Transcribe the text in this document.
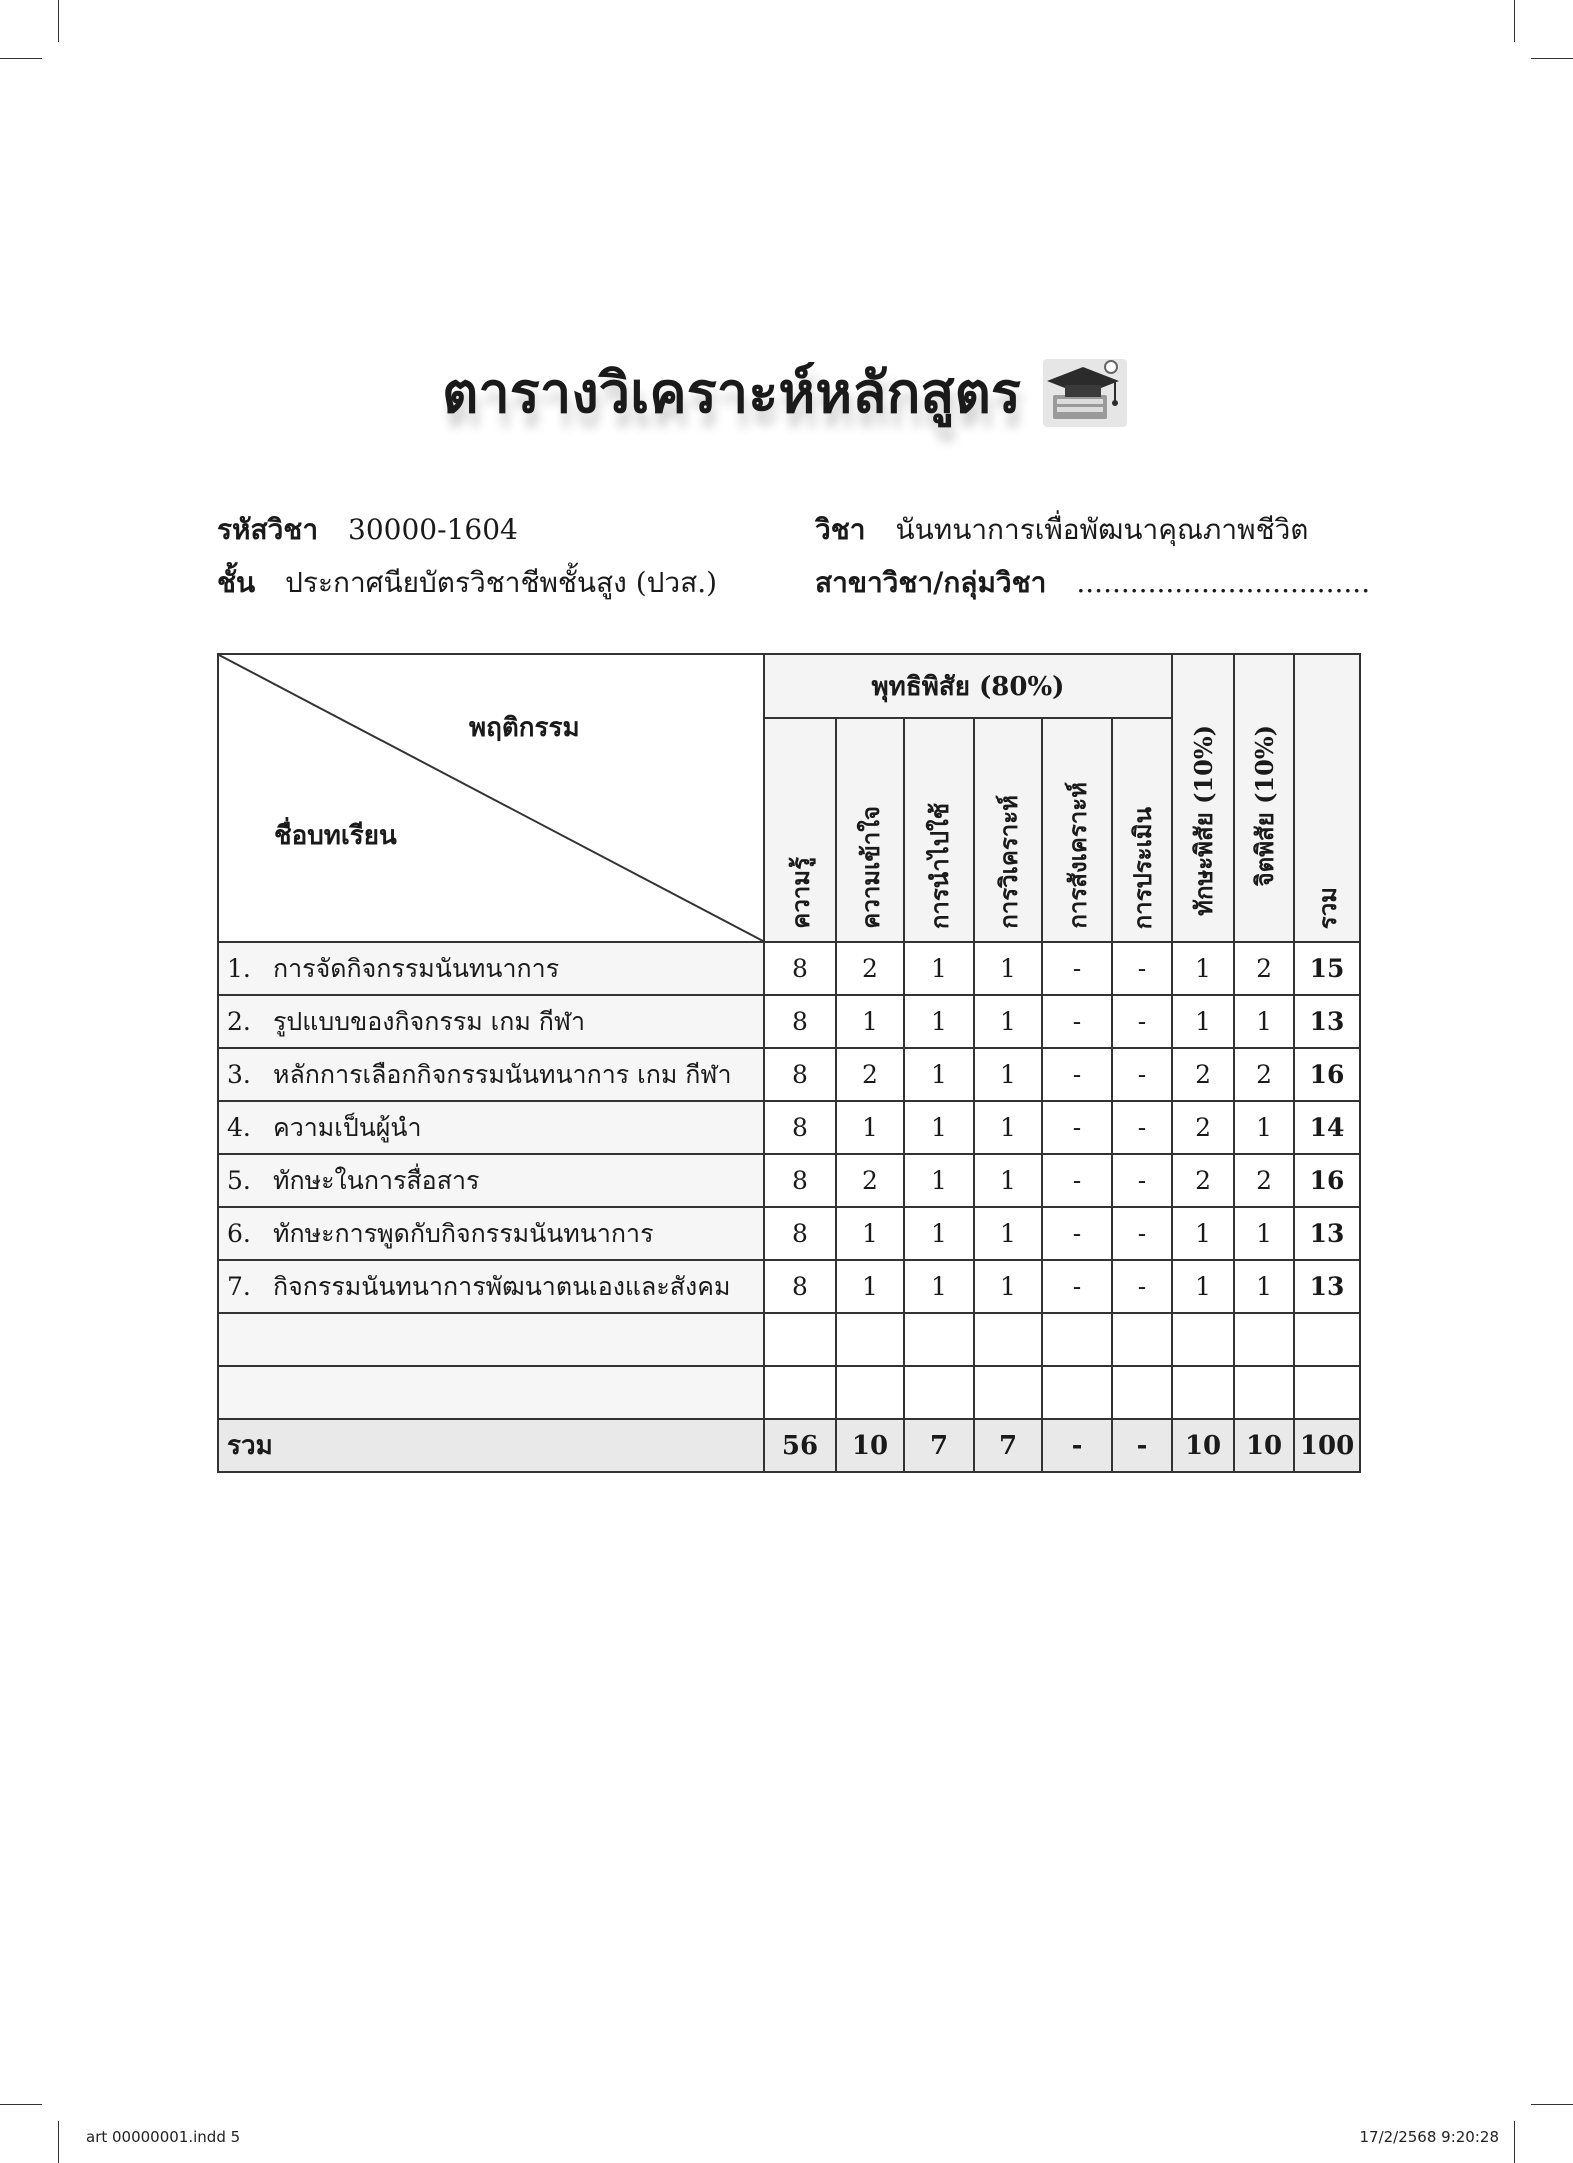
ตารางวิเคราะห์หลักสูตร
รหัสวิชา 30000-1604	วิชา นันทนาการเพื่อพัฒนาคุณภาพชีวิต
ชั้น ประกาศนียบัตรวิชาชีพชั้นสูง (ปวส.)	สาขาวิชา/กลุ่มวิชา .................................
พฤติกรรม
ชื่อบทเรียน	พุทธิพิสัย (80%)						ทักษะพิสัย (10%)	จิตพิสัย (10%)	รวม
	ความรู้	ความเข้าใจ	การนำไปใช้	การวิเคราะห์	การสังเคราะห์	การประเมิน			
1. การจัดกิจกรรมนันทนาการ	8	2	1	1	-	-	1	2	15
2. รูปแบบของกิจกรรม เกม กีฬา	8	1	1	1	-	-	1	1	13
3. หลักการเลือกกิจกรรมนันทนาการ เกม กีฬา	8	2	1	1	-	-	2	2	16
4. ความเป็นผู้นำ	8	1	1	1	-	-	2	1	14
5. ทักษะในการสื่อสาร	8	2	1	1	-	-	2	2	16
6. ทักษะการพูดกับกิจกรรมนันทนาการ	8	1	1	1	-	-	1	1	13
7. กิจกรรมนันทนาการพัฒนาตนเองและสังคม	8	1	1	1	-	-	1	1	13

รวม	56	10	7	7	-	-	10	10	100
art 00000001.indd 5	17/2/2568 9:20:28
